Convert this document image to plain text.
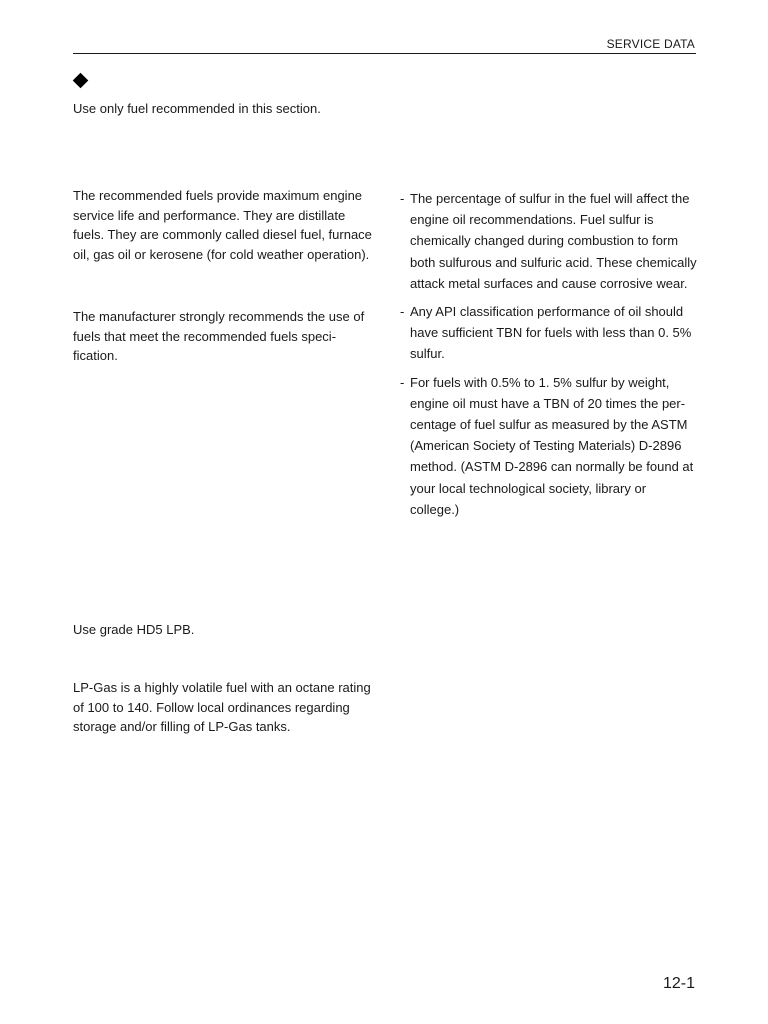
SERVICE DATA
Use only fuel recommended in this section.

The recommended fuels provide maximum engine service life and performance. They are distillate fuels. They are commonly called diesel fuel, furnace oil, gas oil or kerosene (for cold weather operation).

The manufacturer strongly recommends the use of fuels that meet the recommended fuels specification.

Use grade HD5 LPB.

LP-Gas is a highly volatile fuel with an octane rating of 100 to 140. Follow local ordinances regarding storage and/or filling of LP-Gas tanks.

- The percentage of sulfur in the fuel will affect the engine oil recommendations. Fuel sulfur is chemically changed during combustion to form both sulfurous and sulfuric acid. These chemically attack metal surfaces and cause corrosive wear.
- Any API classification performance of oil should have sufficient TBN for fuels with less than 0. 5% sulfur.
- For fuels with 0.5% to 1. 5% sulfur by weight, engine oil must have a TBN of 20 times the percentage of fuel sulfur as measured by the ASTM (American Society of Testing Materials) D-2896 method. (ASTM D-2896 can normally be found at your local technological society, library or college.)
12-1
